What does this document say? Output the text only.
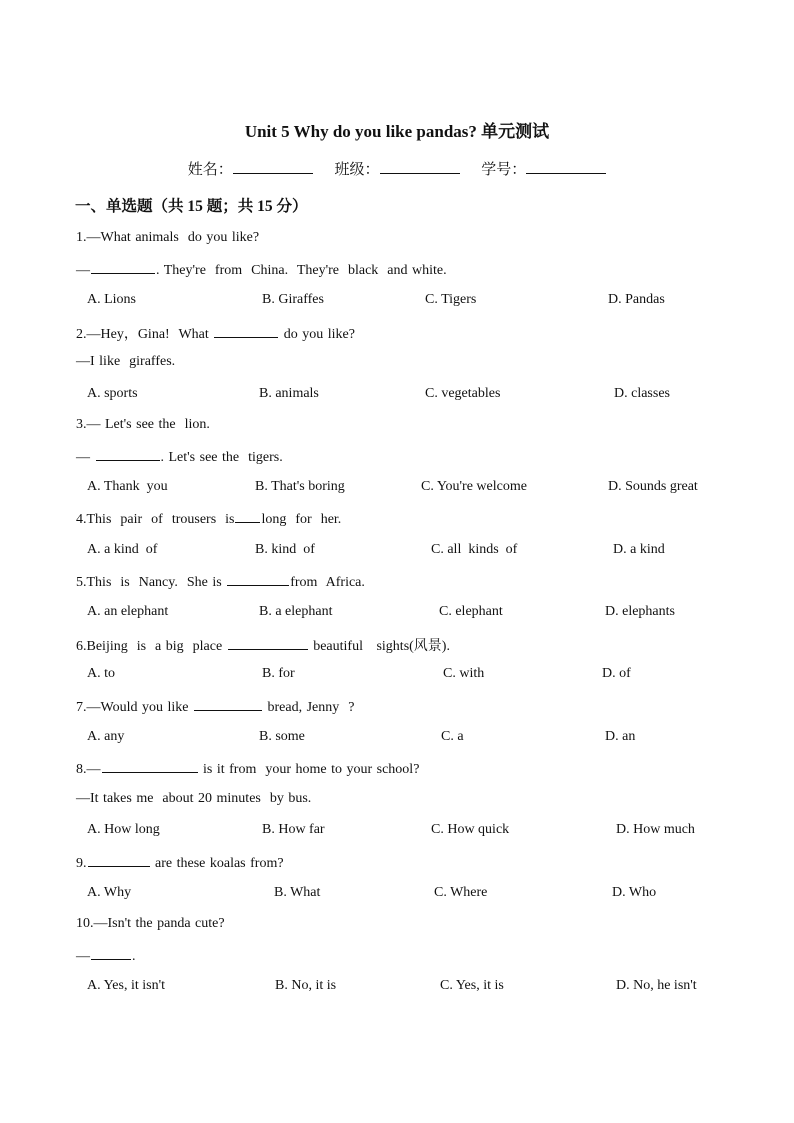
Unit 5 Why do you like pandas? 单元测试
姓名：	班级：	学号：
一、单选题（共 15 题；共 15 分）
1.—What animals  do you like?
—	. They're  from  China.  They're  black  and white.
A. Lions	B. Giraffes	C. Tigers	D. Pandas
2.—Hey，Gina!  What	do you like?
—I like  giraffes.
A. sports	B. animals	C. vegetables	D. classes
3.— Let's see the  lion.
—	. Let's see the  tigers.
A. Thank  you	B. That's boring	C. You're welcome	D. Sounds great
4.This  pair  of  trousers  is long  for  her.
A. a kind  of	B. kind  of	C. all  kinds  of	D. a kind
5.This  is  Nancy.  She is	from  Africa.
A. an elephant	B. a elephant	C. elephant	D. elephants
6.Beijing  is  a big  place	beautiful   sights(风景).
A. to	B. for	C. with	D. of
7.—Would you like	bread, Jenny  ?
A. any	B. some	C. a	D. an
8.—	is it from  your home to your school?
—It takes me  about 20 minutes  by bus.
A. How long	B. How far	C. How quick	D. How much
9.	are these koalas from?
A. Why	B. What	C. Where	D. Who
10.—Isn't the panda cute?
—	.
A. Yes, it isn't	B. No, it is	C. Yes, it is	D. No, he isn't
